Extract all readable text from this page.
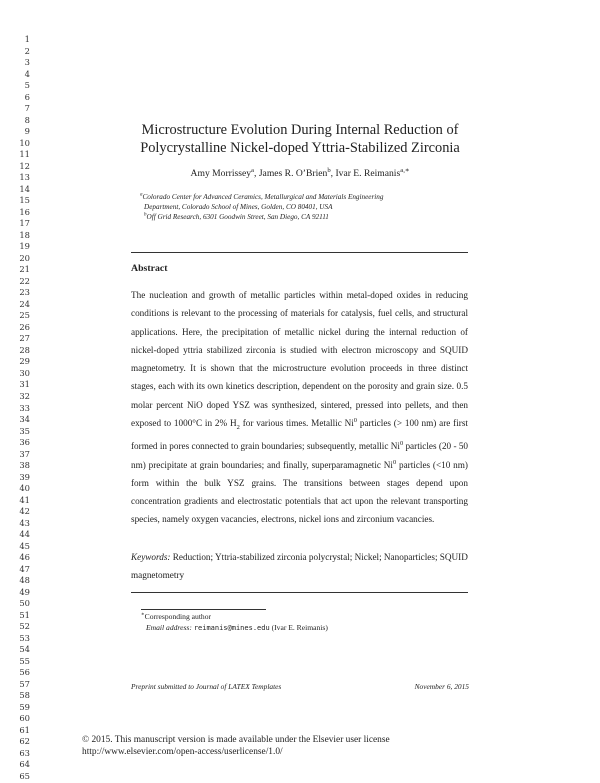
1
2
3
4
5
6
7
8
9
10
11
12
13
14
15
16
17
18
19
20
21
22
23
24
25
26
27
28
29
30
31
32
33
34
35
36
37
38
39
40
41
42
43
44
45
46
47
48
49
50
51
52
53
54
55
56
57
58
59
60
61
62
63
64
65
Microstructure Evolution During Internal Reduction of
Polycrystalline Nickel-doped Yttria-Stabilized Zirconia
Amy Morrissey$^a$, James R. O’Brien$^b$, Ivar E. Reimanis$^{a,∗}$
$^a$Colorado Center for Advanced Ceramics, Metallurgical and Materials Engineering
Department, Colorado School of Mines, Golden, CO 80401, USA
$^b$Off Grid Research, 6301 Goodwin Street, San Diego, CA 92111
Abstract
The nucleation and growth of metallic particles within metal-doped oxides in reducing conditions is relevant to the processing of materials for catalysis, fuel cells, and structural applications. Here, the precipitation of metallic nickel during the internal reduction of nickel-doped yttria stabilized zirconia is studied with electron microscopy and SQUID magnetometry. It is shown that the microstructure evolution proceeds in three distinct stages, each with its own kinetics description, dependent on the porosity and grain size. 0.5 molar percent NiO doped YSZ was synthesized, sintered, pressed into pellets, and then exposed to 1000°C in 2% $H_2$ for various times. Metallic Ni$^0$ particles (> 100 nm) are first formed in pores connected to grain boundaries; subsequently, metallic Ni$^0$ particles (20 - 50 nm) precipitate at grain boundaries; and finally, superparamagnetic Ni$^0$ particles (<10 nm) form within the bulk YSZ grains. The transitions between stages depend upon concentration gradients and electrostatic potentials that act upon the relevant transporting species, namely oxygen vacancies, electrons, nickel ions and zirconium vacancies.
Keywords: Reduction; Yttria-stabilized zirconia polycrystal; Nickel; Nanoparticles; SQUID magnetometry
∗Corresponding author
Email address: reimanis@mines.edu (Ivar E. Reimanis)
Preprint submitted to Journal of LATEX Templates	November 6, 2015
© 2015. This manuscript version is made available under the Elsevier user license
http://www.elsevier.com/open-access/userlicense/1.0/
